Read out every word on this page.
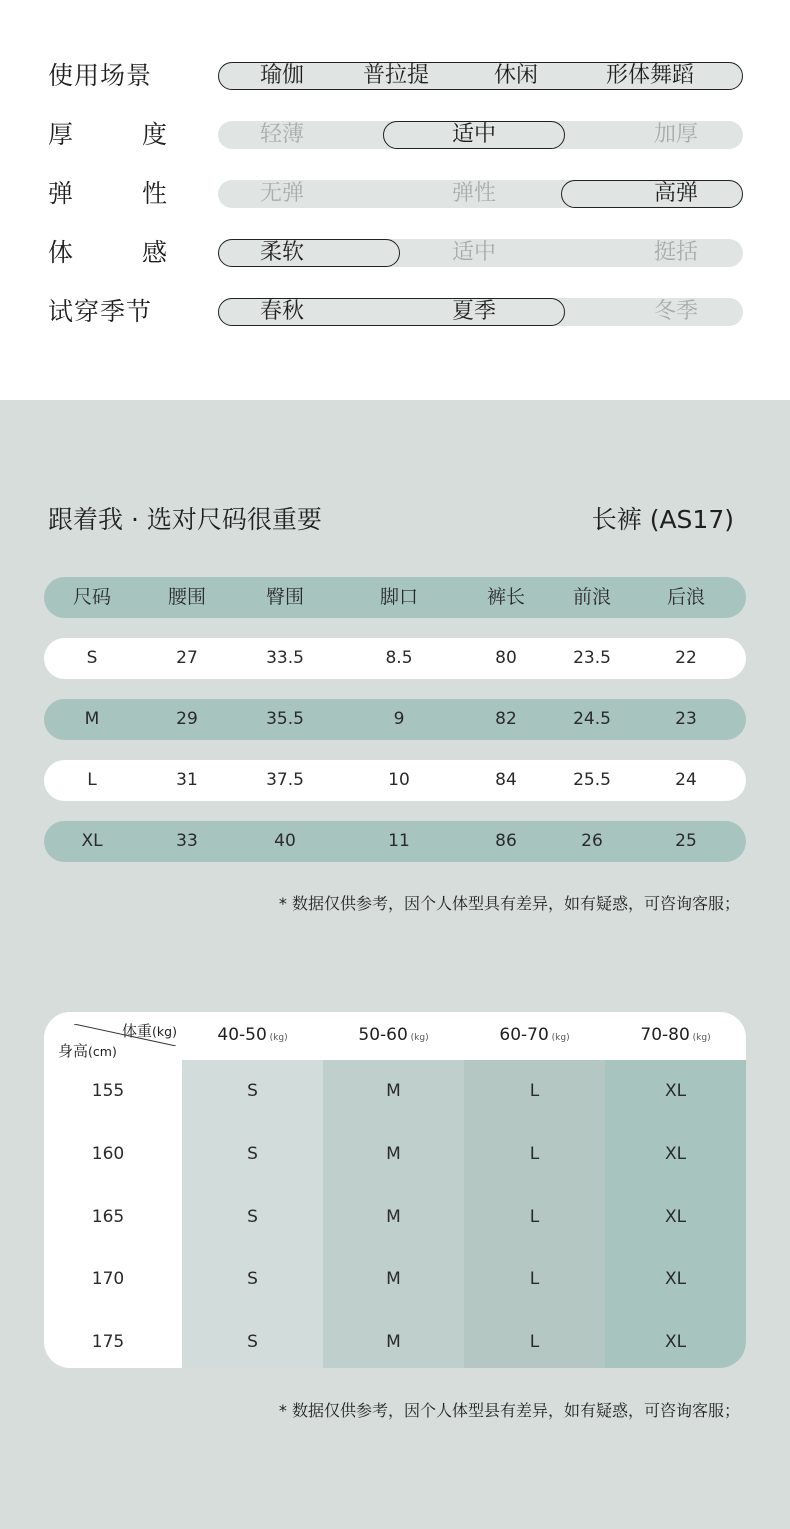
使用场景	瑜伽	普拉提	休闲	形体舞蹈
厚	度	轻薄	适中	加厚
弹	性	无弹	弹性	高弹
体	感	柔软	适中	挺括
试穿季节	春秋	夏季	冬季
跟着我 · 选对尺码很重要	长裤 (AS17)
尺码	腰围	臀围	脚口	裤长	前浪	后浪
S	27	33.5	8.5	80	23.5	22
M	29	35.5	9	82	24.5	23
L	31	37.5	10	84	25.5	24
XL	33	40	11	86	26	25
* 数据仅供参考，因个人体型具有差异，如有疑惑，可咨询客服；
体重(kg)
身高(cm)
40-50 (kg)	50-60 (kg)	60-70 (kg)	70-80 (kg)
155	S	M	L	XL
160	S	M	L	XL
165	S	M	L	XL
170	S	M	L	XL
175	S	M	L	XL
* 数据仅供参考，因个人体型县有差异，如有疑惑，可咨询客服；
